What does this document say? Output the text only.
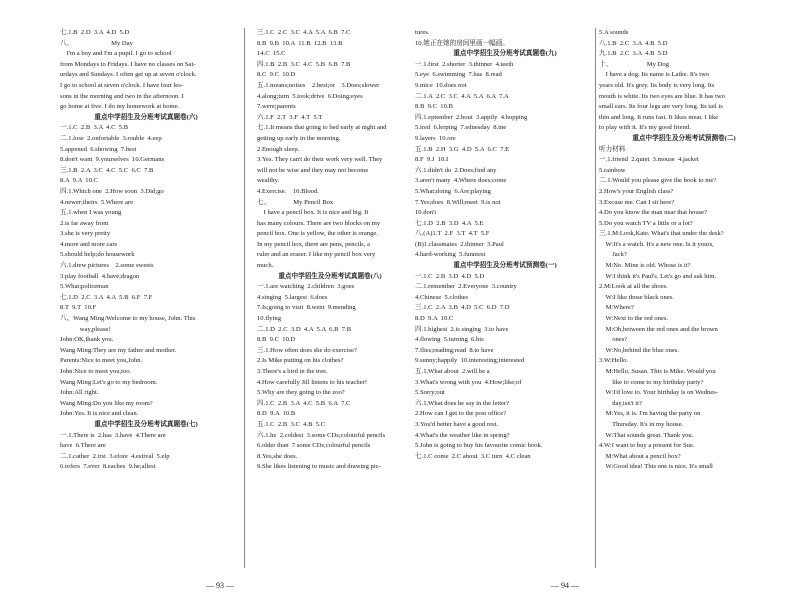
七.1.B  2.D  3.A  4.D  5.D
八、                       My Day
I'm a boy and I'm a pupil. I go to school
from Mondays to Fridays. I have no classes on Sat-
urdays and Sundays. I often get up at seven o'clock.
I go to school at seven o'clock. I have four les-
sons in the morning and two in the afternoon. I
go home at five. I do my homework at home.
重点中学招生及分班考试真题卷(六)
一.1.C  2.B  3.A  4.C  5.B
二.1.lose  2.onfortable  3.rouble  4.eep
5.appened  6.showing  7.best
8.don't want  9.yourselves  10.Germans
三.1.B  2.A  3.C  4.C  5.C  6.C  7.B
8.A  9.A  10.C
四.1.Which one  2.How soon  3.Did;go
4.newer;theirs  5.Where are
五.1.when I was young
2.is far away from
3.she is very pretty
4.more and more cars
5.should help;do housework
六.1.drew pictures    2.some sweets
3.play football  4.have;dragon
5.What;policeman
七.1.D  2.C  3.A  4.A  5.B  6.F  7.F
8.T  9.T  10.F
八、Wang Ming:Welcome to my house, John. This
way,please!
John:OK,thank you.
Wang Ming:They are my father and mother.
Parents:Nice to meet you,John.
John:Nice to meet you,too.
Wang Ming:Let's go to my bedroom.
John:All right.
Wang Ming:Do you like my room?
John:Yes. It is nice and clean.
重点中学招生及分班考试真题卷(七)
一.1.There is  2.has  3.have  4.There are
have  6.There are
二.1.cather  2.irst  3.efore  4.estival  5.elp
6.refers  7.ever  8.eaches  9.he;allest
三.1.C  2.C  3.C  4.A  5.A  6.B  7.C
8.B  9.B  10.A  11.B  12.B  13.B
14.C  15.C
四.1.B  2.B  3.C  4.C  5.B  6.B  7.B
8.C  9.C  10.D
五.1.means;noises    2.best;or    3.Does;slower
4.along;turn  5.took;drive  6.Doing;eyes
7.were;parents
六.1.F  2.T  3.F  4.T  5.T
七.1.It means that going to bed early at night and
getting up early in the morning.
2.Enough sleep.
3.Yes. They can't do their work very well. They
will not be wise and they may not become
wealthy.
4.Exercise.    10.Blood.
七、              My Pencil Box
I have a pencil box. It is nice and big. It
has many colours. There are two blocks on my
pencil box. One is yellow, the other is orange.
In my pencil box, there are pens, pencils, a
ruler and an eraser. I like my pencil box very
much.
重点中学招生及分班考试真题卷(八)
一.1.are watching  2.children  3.goes
4.singing  5.largest  6.does
7.Is;going to visit  8.went  9.mending
10.flying
二.1.D  2.C  3.D  4.A  5.A  6.B  7.B
8.B  9.C  10.D
三.1.How often does she do exercise?
2.Is Mike putting on his clothes?
3.There's a bird in the tree.
4.How carefully Jill listens to his teacher!
5.Why are they going to the zoo?
四.1.C  2.B  3.A  4.C  5.B  6.A  7.C
8.D  9.A  10.B
五.1.C  2.B  3.C  4.B  5.C
六.1.he  2.coldest  3.some CDs;colourful pencils
6.older than  7.some CDs;colourful pencils
8.Yes,she does.
9.She likes listening to music and drawing pic-
— 93 —
tures.
10.她正在她的房间里画一幅画。
重点中学招生及分班考试真题卷(九)
一.1.first  2.shorter  3.thinner  4.teeth
5.eye  6.swimming  7.has  8.read
9.mice  10.does not
二.1.A  2.C  3.C  4.A  5.A  6.A  7.A
8.B  9.C  10.B
四.1.eptember  2.bout  3.appily  4.hopping
5.ired  6.lerping  7.ednesday  8.ine
9.layers  10.ore
五.1.B  2.H  3.G  4.D  5.A  6.C  7.E
8.F  9.J  10.I
六.1.didn't do  2.Does;find any
3.aren't many  4.Where does;come
5.What;doing  6.Are;playing
7.Yes;does  8.Will;meet  9.is not
10.don't
七.1.D  2.B  3.D  4.A  5.E
八.(A)1.T  2.F  3.T  4.T  5.F
(B)1.classmates  2.thinner  3.Paul
4.hard-working  5.funniest
重点中学招生及分班考试预测卷(一)
一.1.C  2.B  3.D  4.D  5.D
二.1.remember  2.Everyone  3.country
4.Chinese  5.clothes
三.1.C  2.A  3.B  4.D  5.C  6.D  7.D
8.D  9.A  10.C
四.1.highest  2.is singing  3.to have
4.flowing  5.turning  6.his
7.flies;reading;read  8.to have
9.sunny;happily  10.interesting;interested
五.1.What about  2.will be a
3.What's wrong with you  4.How;like;of
5.Sorry;out
六.1.What does he say in the letter?
2.How can I get to the post office?
3.You'd better have a good rest.
4.What's the weather like in spring?
5.John is going to buy his favourite comic book.
七.1.C come  2.C about  3.C turn  4.C clean
5.A sounds
八.1.B  2.C  3.A  4.B  5.D
九.1.B  2.C  3.A  4.B  5.D
十、                     My Dog
I have a dog. Its name is Laike. It's two
years old. It's grey. Its body is very long. Its
mouth is white. Its two eyes are blue. It has two
small ears. Its four legs are very long. Its tail is
thin and long. It runs fast. It likes meat. I like
to play with it. It's my good friend.
重点中学招生及分班考试预测卷(二)
听力材料
一.1.friend  2.quiet  3.mouse  4.jacket
5.rainbow
二.1.Would you please give the book to me?
2.How's your English class?
3.Excuse me. Can I sit here?
4.Do you know the man near that house?
5.Do you watch TV a little or a lot?
三.1.M:Look,Kate. What's that under the desk?
W:It's a watch. It's a new one. Is it yours,
Jack?
M:No. Mine is old. Whose is it?
W:I think it's Paul's. Let's go and ask him.
2.M:Look at all the shoes.
W:I like those black ones.
M:Where?
W:Next to the red ones.
M:Oh,between the red ones and the brown
ones?
W:No,behind the blue ones.
3.W:Hello.
M:Hello, Susan. This is Mike. Would you
like to come to my birthday party?
W:I'd love to. Your birthday is on Wednes-
day,isn't it?
M:Yes, it is. I'm having the party on
Thursday. It's in my house.
W:That sounds great. Thank you.
4.W:I want to buy a present for Sue.
M:What about a pencil box?
W:Good idea! This one is nice. It's small
— 94 —
